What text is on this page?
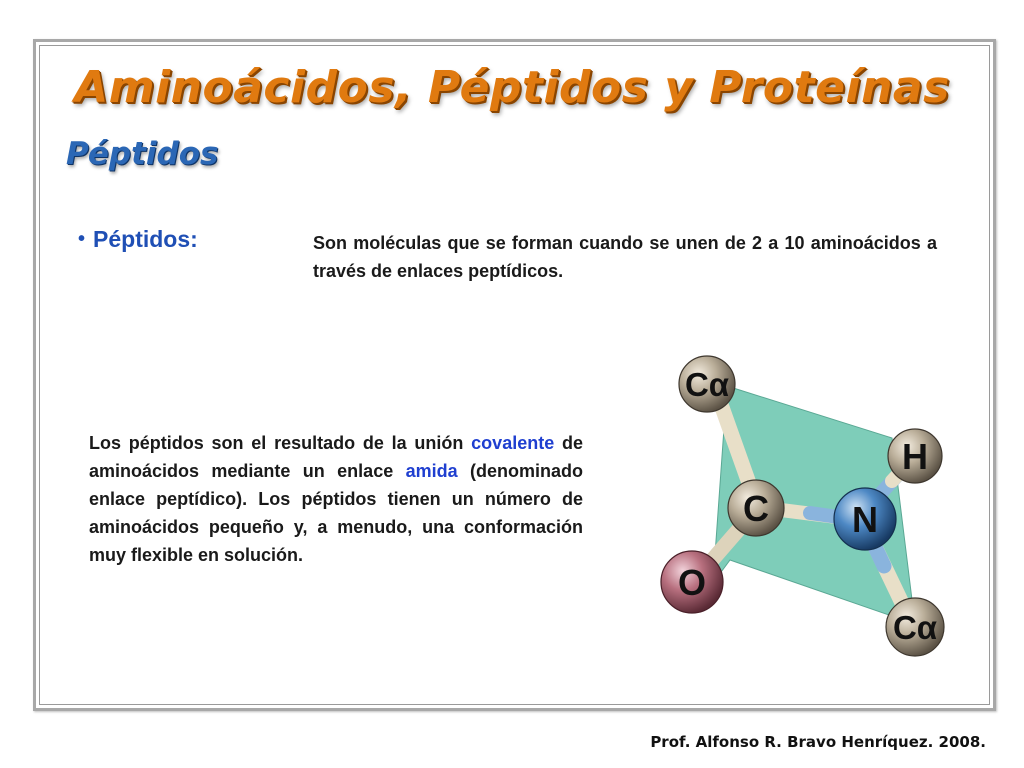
Aminoácidos, Péptidos y Proteínas
Péptidos
• Péptidos:	Son moléculas que se forman cuando se unen de 2 a 10 aminoácidos a través de enlaces peptídicos.

Los péptidos son el resultado de la unión covalente de aminoácidos mediante un enlace amida (denominado enlace peptídico). Los péptidos tienen un número de aminoácidos pequeño y, a menudo, una conformación muy flexible en solución.

Cα
H
C N
O
Cα

Prof. Alfonso R. Bravo Henríquez. 2008.
